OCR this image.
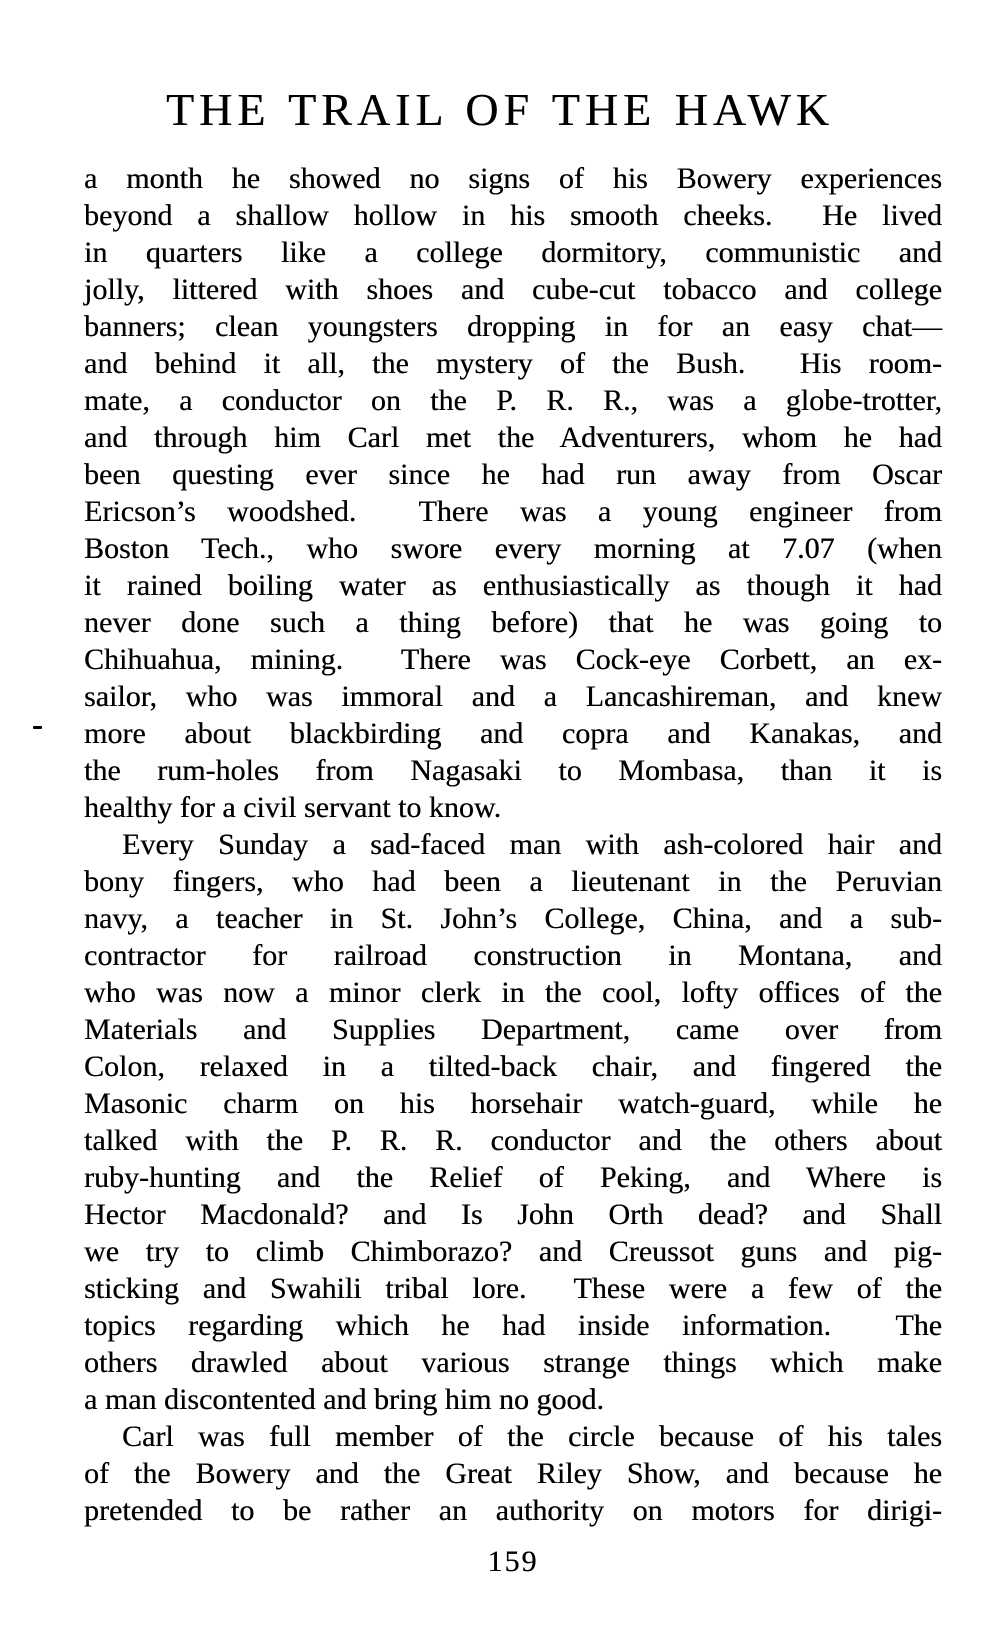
THE TRAIL OF THE HAWK
a month he showed no signs of his Bowery experiences
beyond a shallow hollow in his smooth cheeks.  He lived
in quarters like a college dormitory, communistic and
jolly, littered with shoes and cube-cut tobacco and college
banners; clean youngsters dropping in for an easy chat—
and behind it all, the mystery of the Bush.  His room-
mate, a conductor on the P. R. R., was a globe-trotter,
and through him Carl met the Adventurers, whom he had
been questing ever since he had run away from Oscar
Ericson’s woodshed.  There was a young engineer from
Boston Tech., who swore every morning at 7.07 (when
it rained boiling water as enthusiastically as though it had
never done such a thing before) that he was going to
Chihuahua, mining.  There was Cock-eye Corbett, an ex-
sailor, who was immoral and a Lancashireman, and knew
more about blackbirding and copra and Kanakas, and
the rum-holes from Nagasaki to Mombasa, than it is
healthy for a civil servant to know.
Every Sunday a sad-faced man with ash-colored hair and
bony fingers, who had been a lieutenant in the Peruvian
navy, a teacher in St. John’s College, China, and a sub-
contractor for railroad construction in Montana, and
who was now a minor clerk in the cool, lofty offices of the
Materials and Supplies Department, came over from
Colon, relaxed in a tilted-back chair, and fingered the
Masonic charm on his horsehair watch-guard, while he
talked with the P. R. R. conductor and the others about
ruby-hunting and the Relief of Peking, and Where is
Hector Macdonald? and Is John Orth dead? and Shall
we try to climb Chimborazo? and Creussot guns and pig-
sticking and Swahili tribal lore.  These were a few of the
topics regarding which he had inside information.  The
others drawled about various strange things which make
a man discontented and bring him no good.
Carl was full member of the circle because of his tales
of the Bowery and the Great Riley Show, and because he
pretended to be rather an authority on motors for dirigi-
159
